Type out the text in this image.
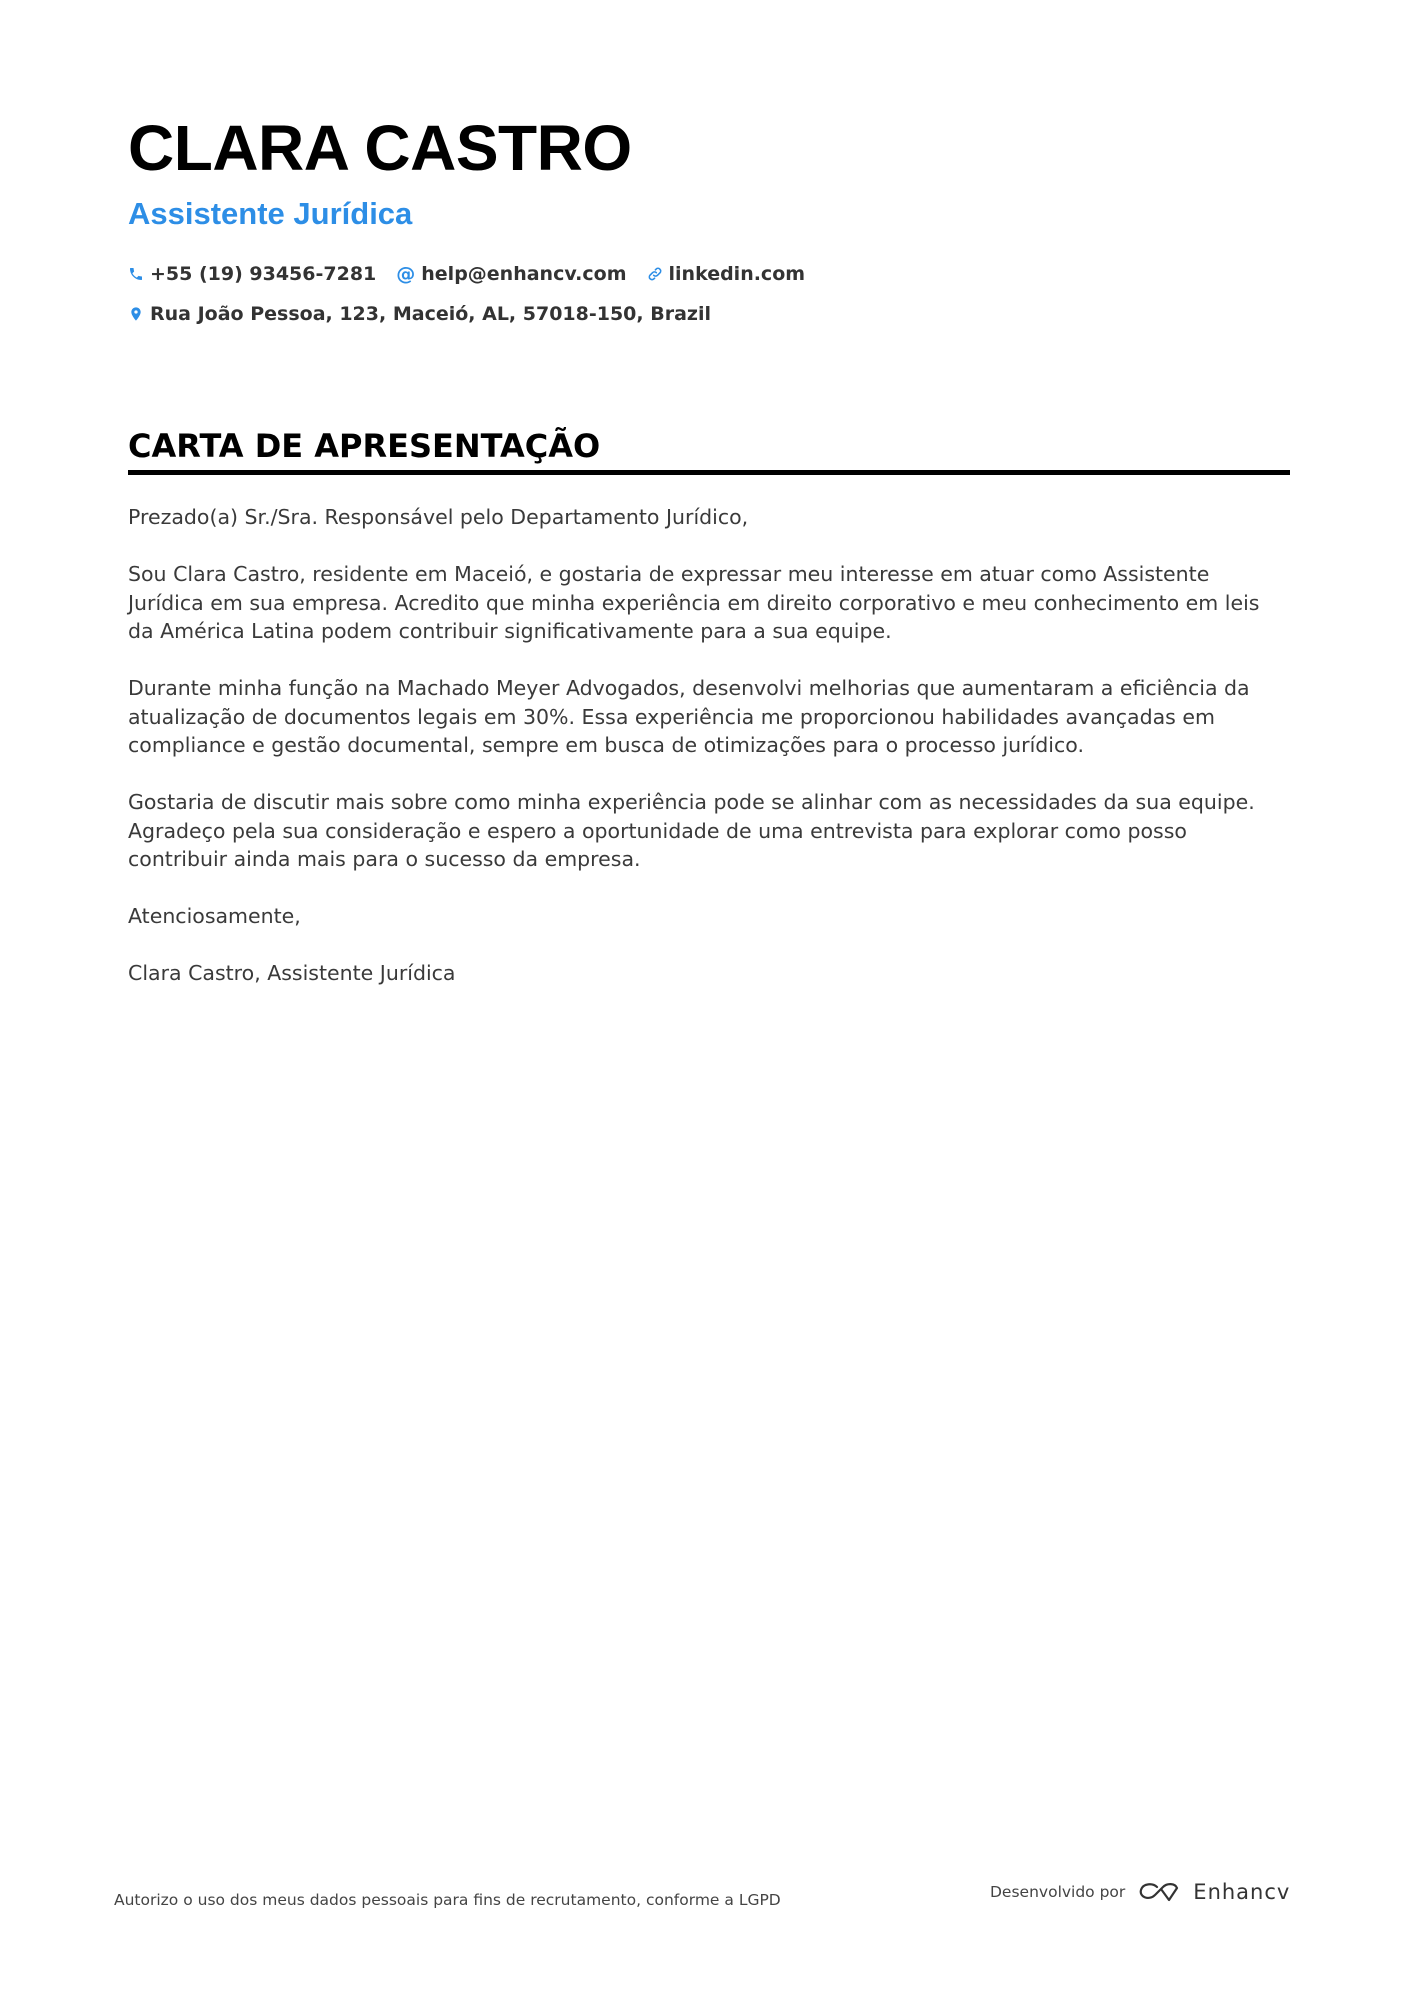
CLARA CASTRO
Assistente Jurídica
+55 (19) 93456-7281 @ help@enhancv.com linkedin.com
Rua João Pessoa, 123, Maceió, AL, 57018-150, Brazil
CARTA DE APRESENTAÇÃO

Prezado(a) Sr./Sra. Responsável pelo Departamento Jurídico,

Sou Clara Castro, residente em Maceió, e gostaria de expressar meu interesse em atuar como Assistente Jurídica em sua empresa. Acredito que minha experiência em direito corporativo e meu conhecimento em leis da América Latina podem contribuir significativamente para a sua equipe.

Durante minha função na Machado Meyer Advogados, desenvolvi melhorias que aumentaram a eficiência da atualização de documentos legais em 30%. Essa experiência me proporcionou habilidades avançadas em compliance e gestão documental, sempre em busca de otimizações para o processo jurídico.

Gostaria de discutir mais sobre como minha experiência pode se alinhar com as necessidades da sua equipe. Agradeço pela sua consideração e espero a oportunidade de uma entrevista para explorar como posso contribuir ainda mais para o sucesso da empresa.

Atenciosamente,

Clara Castro, Assistente Jurídica

Autorizo o uso dos meus dados pessoais para fins de recrutamento, conforme a LGPD	Desenvolvido por	Enhancv
